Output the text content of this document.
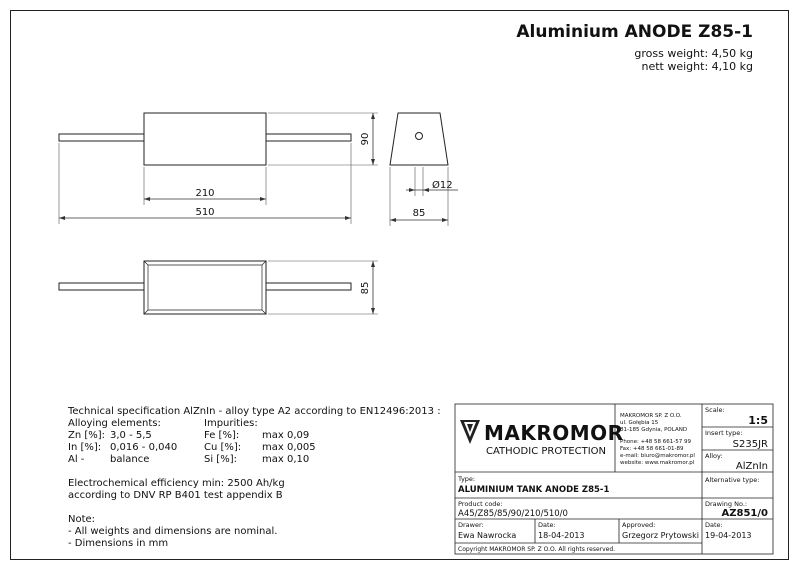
90
210
510
Ø12
85
85
MAKROMOR
CATHODIC PROTECTION
MAKROMOR SP. Z O.O.
ul. Gołębia 15
81-185 Gdynia, POLAND
Phone: +48 58 661-57 99
Fax: +48 58 661-01-89
e-mail: biuro@makromor.pl
website: www.makromor.pl
Scale:
1:5
Insert type:
S235JR
Alloy:
AlZnIn
Alternative type:
Type:
ALUMINIUM TANK ANODE Z85-1
Product code:
A45/Z85/85/90/210/510/0
Drawing No.:
AZ851/0
Drawer:
Ewa Nawrocka
Date:
18-04-2013
Approved:
Grzegorz Prytowski
Date:
19-04-2013
Copyright MAKROMOR SP. Z O.O. All rights reserved.
Aluminium ANODE Z85-1
gross weight: 4,50 kg
nett weight: 4,10 kg
Technical specification AlZnIn - alloy type A2 according to EN12496:2013 :
Alloying elements:	Impurities:
Zn [%]: 3,0 - 5,5	Fe [%]: max 0,09
In [%]: 0,016 - 0,040	Cu [%]: max 0,005
Al -	balance	Si [%]:	max 0,10
Electrochemical efficiency min: 2500 Ah/kg
according to DNV RP B401 test appendix B
Note:
- All weights and dimensions are nominal.
- Dimensions in mm
